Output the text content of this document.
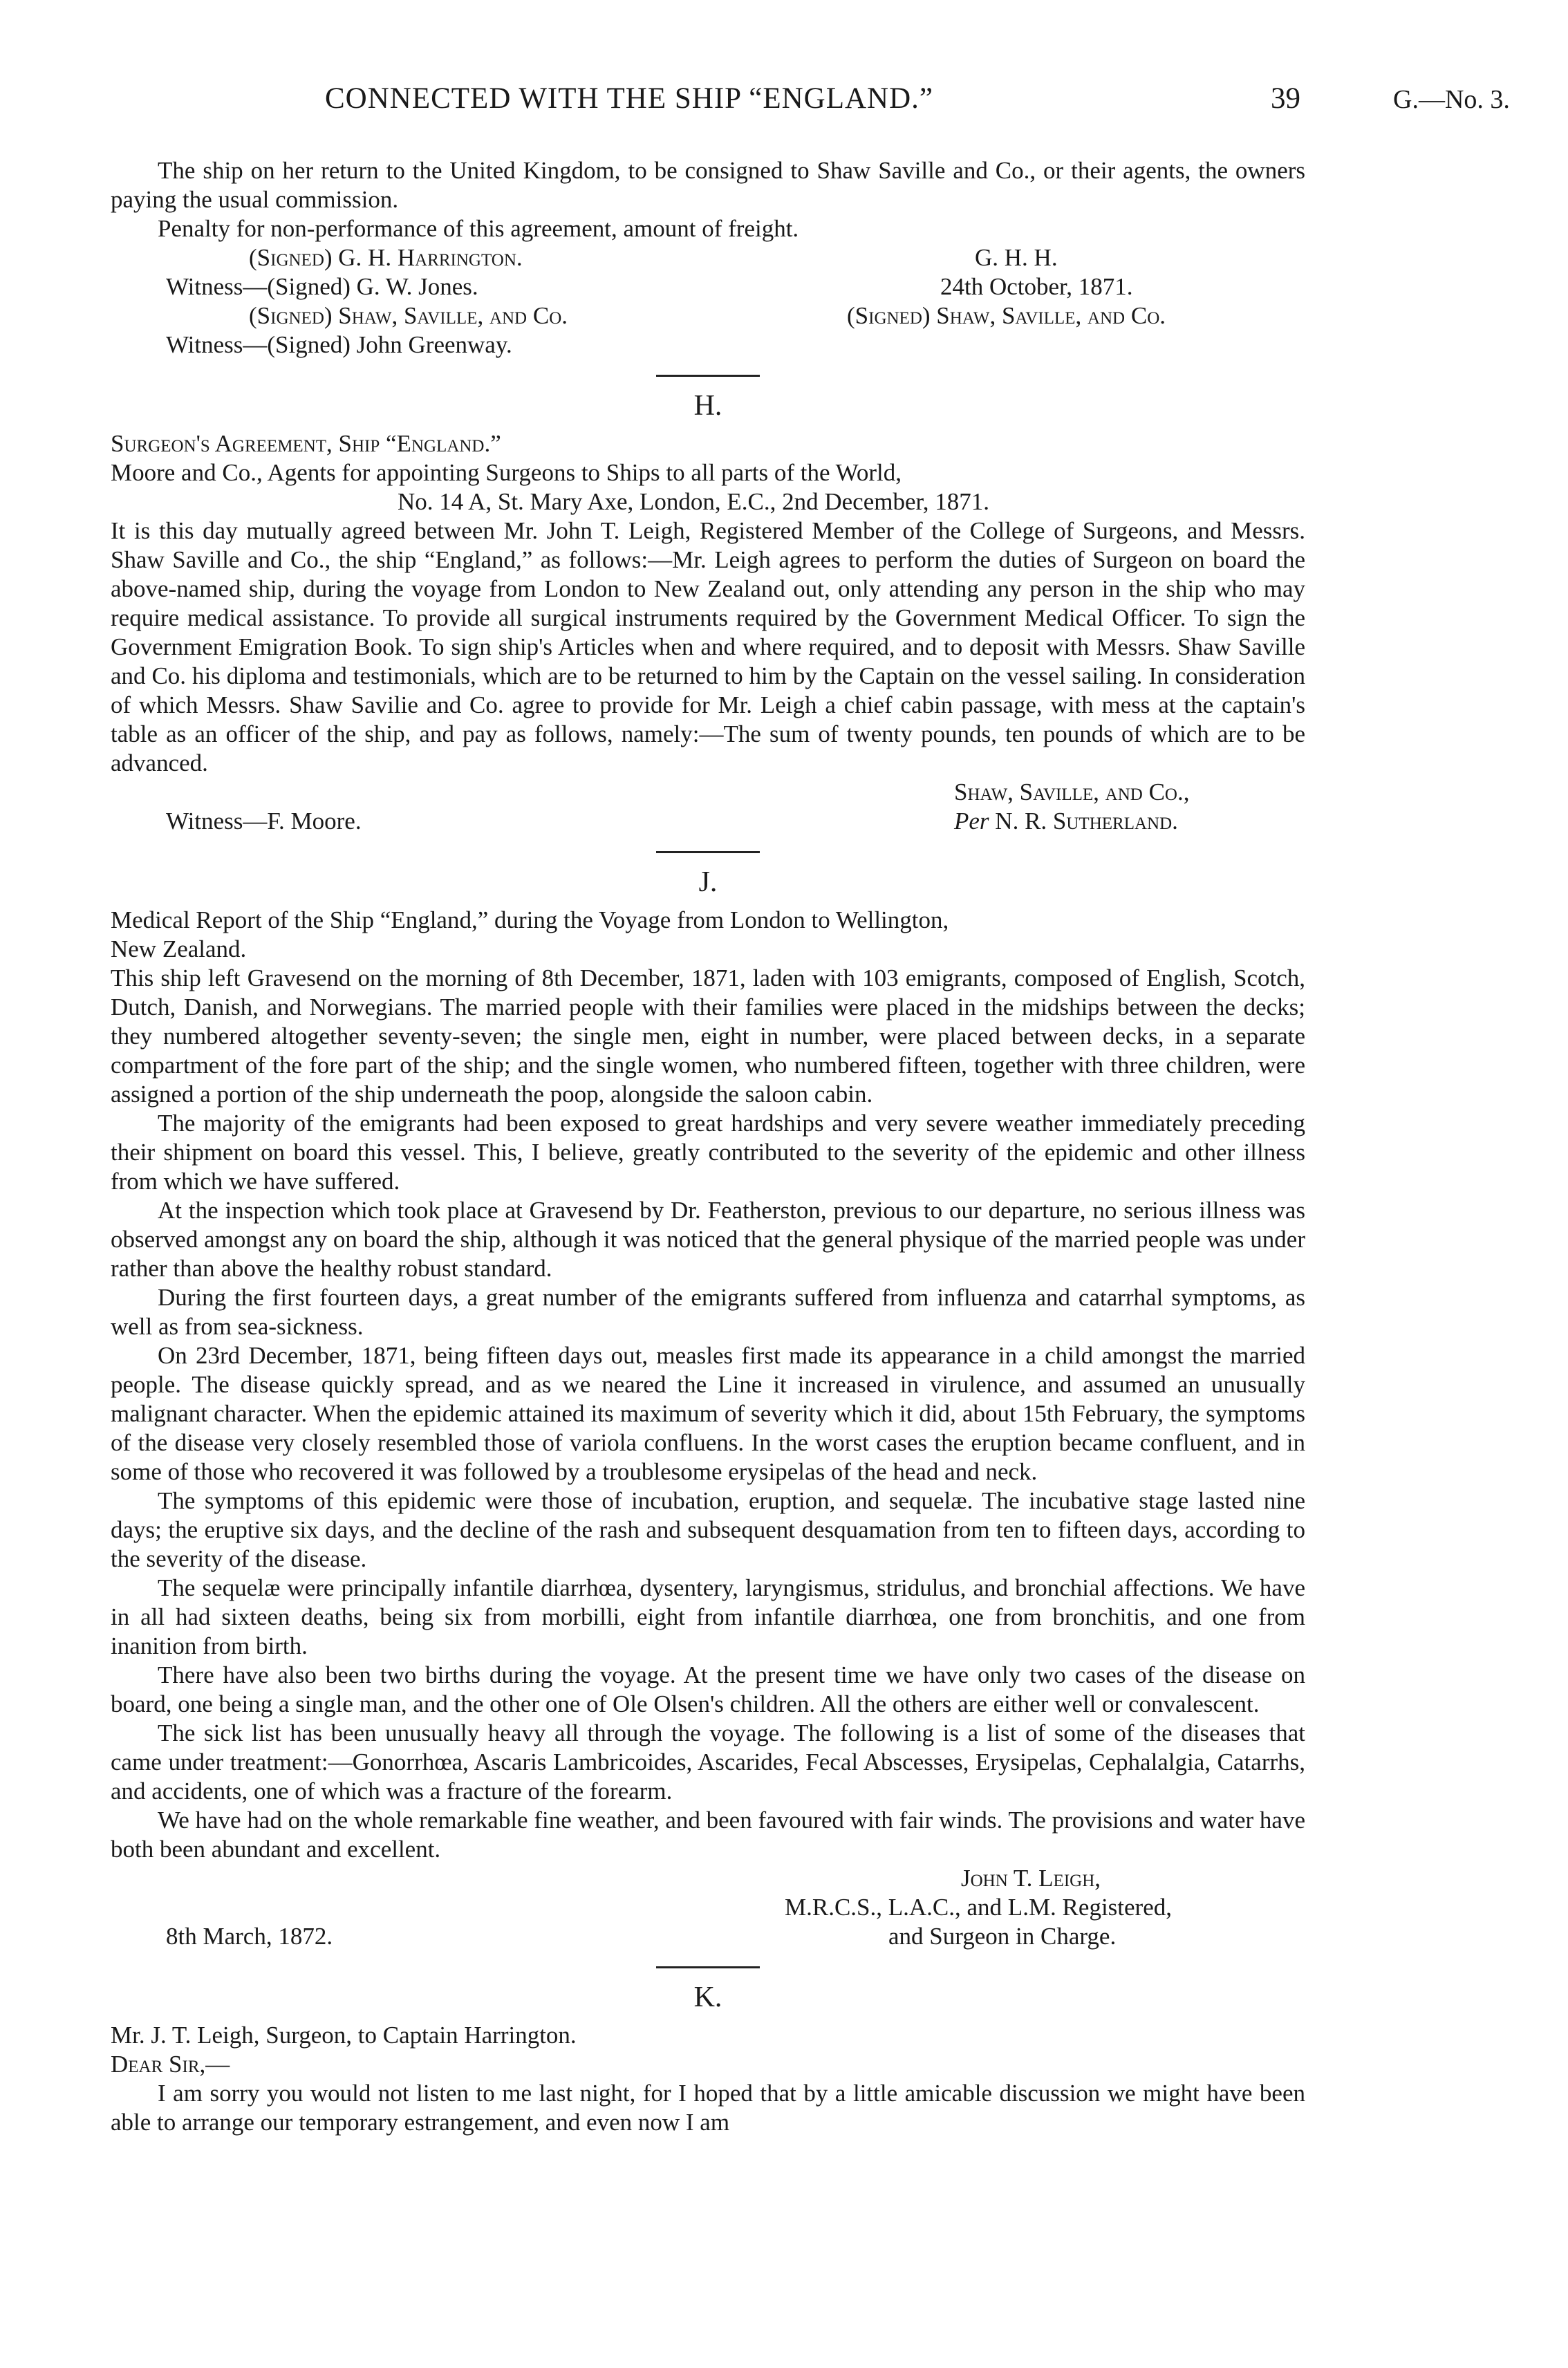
CONNECTED WITH THE SHIP “ENGLAND.”	39	G.—No. 3.

The ship on her return to the United Kingdom, to be consigned to Shaw Saville and Co., or their agents, the owners paying the usual commission.

Penalty for non-performance of this agreement, amount of freight.

(Signed) G. H. Harrington.	G. H. H.
Witness—(Signed) G. W. Jones.	24th October, 1871.
(Signed) Shaw, Saville, and Co.	(Signed) Shaw, Saville, and Co.
Witness—(Signed) John Greenway.
H.

Surgeon's Agreement, Ship “England.”

Moore and Co., Agents for appointing Surgeons to Ships to all parts of the World,

No. 14 A, St. Mary Axe, London, E.C., 2nd December, 1871.

It is this day mutually agreed between Mr. John T. Leigh, Registered Member of the College of Surgeons, and Messrs. Shaw Saville and Co., the ship “England,” as follows:—Mr. Leigh agrees to perform the duties of Surgeon on board the above-named ship, during the voyage from London to New Zealand out, only attending any person in the ship who may require medical assistance. To provide all surgical instruments required by the Government Medical Officer. To sign the Government Emigration Book. To sign ship's Articles when and where required, and to deposit with Messrs. Shaw Saville and Co. his diploma and testimonials, which are to be returned to him by the Captain on the vessel sailing. In consideration of which Messrs. Shaw Savilie and Co. agree to provide for Mr. Leigh a chief cabin passage, with mess at the captain's table as an officer of the ship, and pay as follows, namely:—The sum of twenty pounds, ten pounds of which are to be advanced.

Shaw, Saville, and Co.,

Witness—F. Moore.	Per N. R. Sutherland.
J.

Medical Report of the Ship “England,” during the Voyage from London to Wellington,

New Zealand.

This ship left Gravesend on the morning of 8th December, 1871, laden with 103 emigrants, composed of English, Scotch, Dutch, Danish, and Norwegians. The married people with their families were placed in the midships between the decks; they numbered altogether seventy-seven; the single men, eight in number, were placed between decks, in a separate compartment of the fore part of the ship; and the single women, who numbered fifteen, together with three children, were assigned a portion of the ship underneath the poop, alongside the saloon cabin.

The majority of the emigrants had been exposed to great hardships and very severe weather immediately preceding their shipment on board this vessel. This, I believe, greatly contributed to the severity of the epidemic and other illness from which we have suffered.

At the inspection which took place at Gravesend by Dr. Featherston, previous to our departure, no serious illness was observed amongst any on board the ship, although it was noticed that the general physique of the married people was under rather than above the healthy robust standard.

During the first fourteen days, a great number of the emigrants suffered from influenza and catarrhal symptoms, as well as from sea-sickness.

On 23rd December, 1871, being fifteen days out, measles first made its appearance in a child amongst the married people. The disease quickly spread, and as we neared the Line it increased in virulence, and assumed an unusually malignant character. When the epidemic attained its maximum of severity which it did, about 15th February, the symptoms of the disease very closely resembled those of variola confluens. In the worst cases the eruption became confluent, and in some of those who recovered it was followed by a troublesome erysipelas of the head and neck.

The symptoms of this epidemic were those of incubation, eruption, and sequelæ. The incubative stage lasted nine days; the eruptive six days, and the decline of the rash and subsequent desquamation from ten to fifteen days, according to the severity of the disease.

The sequelæ were principally infantile diarrhœa, dysentery, laryngismus, stridulus, and bronchial affections. We have in all had sixteen deaths, being six from morbilli, eight from infantile diarrhœa, one from bronchitis, and one from inanition from birth.

There have also been two births during the voyage. At the present time we have only two cases of the disease on board, one being a single man, and the other one of Ole Olsen's children. All the others are either well or convalescent.

The sick list has been unusually heavy all through the voyage. The following is a list of some of the diseases that came under treatment:—Gonorrhœa, Ascaris Lambricoides, Ascarides, Fecal Abscesses, Erysipelas, Cephalalgia, Catarrhs, and accidents, one of which was a fracture of the forearm.

We have had on the whole remarkable fine weather, and been favoured with fair winds. The provisions and water have both been abundant and excellent.

John T. Leigh,

M.R.C.S., L.A.C., and L.M. Registered,

8th March, 1872.	and Surgeon in Charge.
K.

Mr. J. T. Leigh, Surgeon, to Captain Harrington.

Dear Sir,—

I am sorry you would not listen to me last night, for I hoped that by a little amicable discussion we might have been able to arrange our temporary estrangement, and even now I am
